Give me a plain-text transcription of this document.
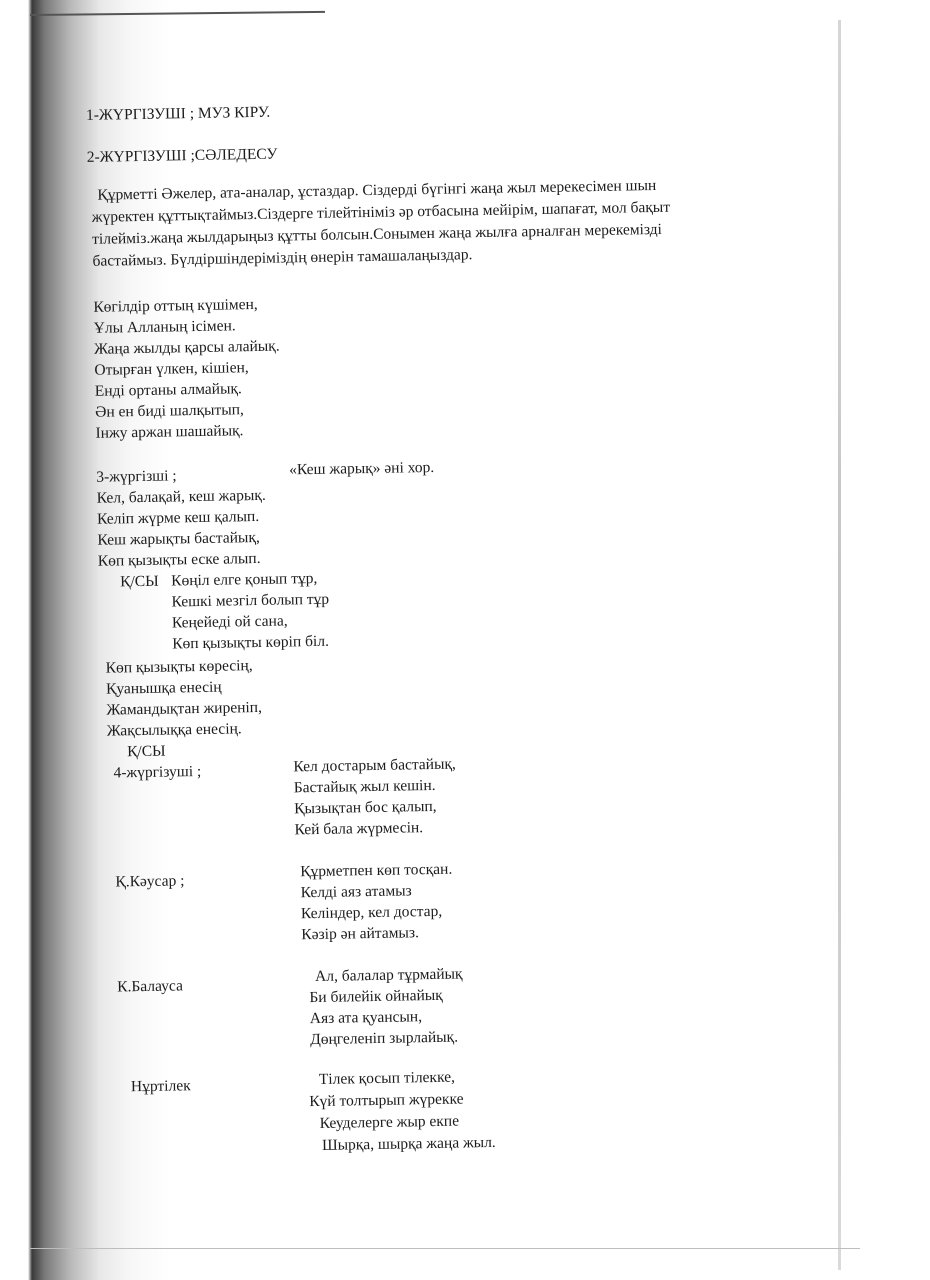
1-ЖҮРГІЗУШІ ; МУЗ КІРУ.
2-ЖҮРГІЗУШІ ;СӘЛЕДЕСУ
Құрметті Әжелер, ата-аналар, ұстаздар. Сіздерді бүгінгі жаңа жыл мерекесімен шын
жүректен құттықтаймыз.Сіздерге тілейтініміз әр отбасына мейірім, шапағат, мол бақыт
тілейміз.жаңа жылдарыңыз құтты болсын.Сонымен жаңа жылға арналған мерекемізді
бастаймыз. Бүлдіршіндеріміздің өнерін тамашалаңыздар.
Көгілдір оттың күшімен,
Ұлы Алланың ісімен.
Жаңа жылды қарсы алайық.
Отырған үлкен, кішіен,
Енді ортаны алмайық.
Ән ен биді шалқытып,
Інжу аржан шашайық.
3-жүргізші ;	«Кеш жарық» әні хор.
Кел, балақай, кеш жарық.
Келіп жүрме кеш қалып.
Кеш жарықты бастайық,
Көп қызықты еске алып.
Қ/СЫ Көңіл елге қонып тұр,
Кешкі мезгіл болып тұр
Кеңейеді ой сана,
Көп қызықты көріп біл.
Көп қызықты көресің,
Қуанышқа енесің
Жамандықтан жиреніп,
Жақсылыққа енесің.
Қ/СЫ
4-жүргізуші ;	Кел достарым бастайық,
Бастайық жыл кешін.
Қызықтан бос қалып,
Кей бала жүрмесін.
Қ.Кәусар ;
Құрметпен көп тосқан.
Келді аяз атамыз
Келіндер, кел достар,
Кәзір ән айтамыз.
К.Балауса
Ал, балалар тұрмайық
Би билейік ойнайық
Аяз ата қуансын,
Дөңгеленіп зырлайық.
Нұртілек	Тілек қосып тілекке,
Күй толтырып жүрекке
Кеуделерге жыр екпе
Шырқа, шырқа жаңа жыл.
